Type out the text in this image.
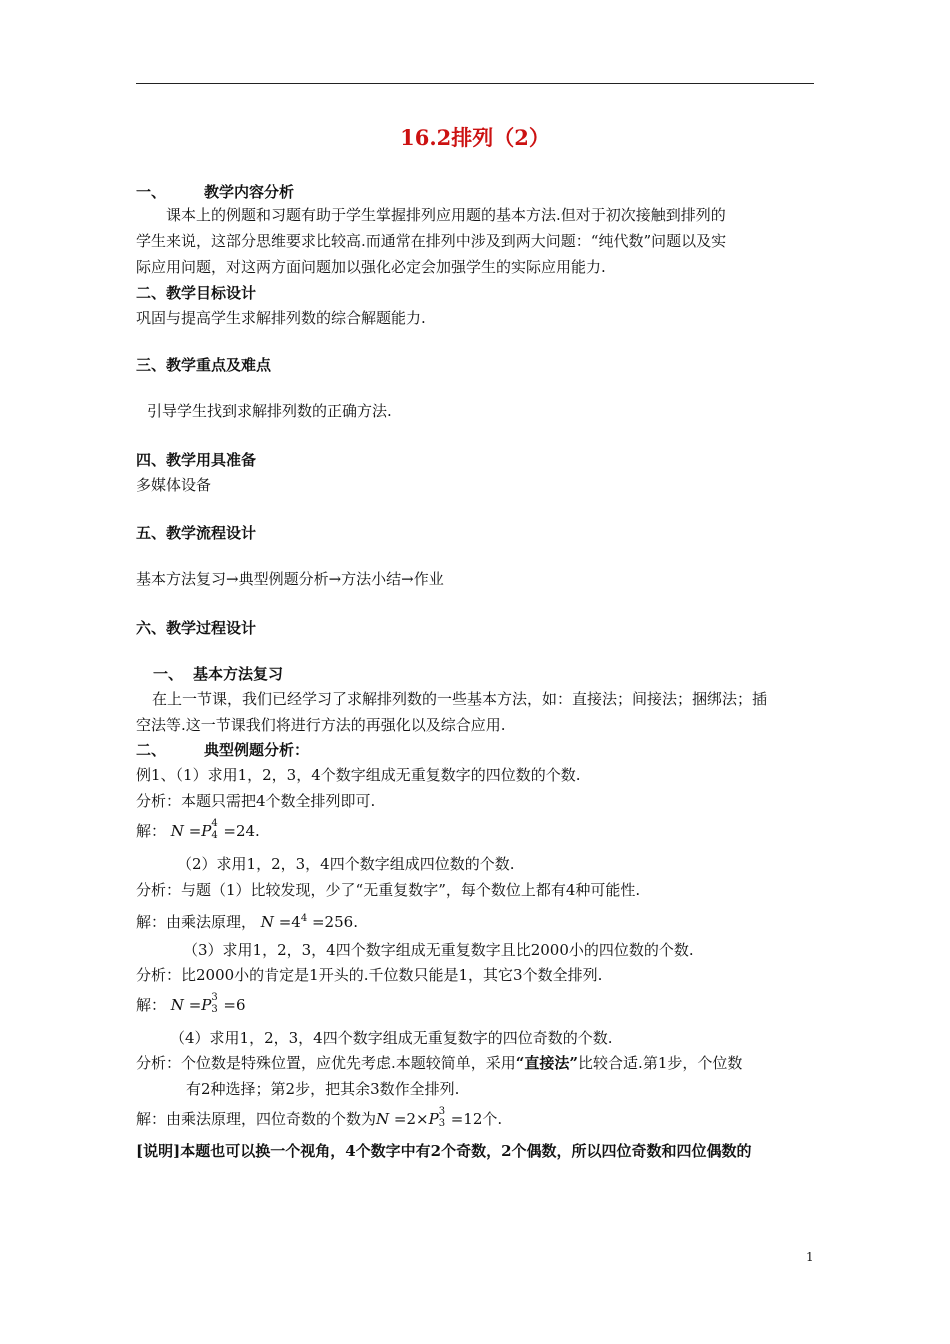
16.2排列（2）
一、	教学内容分析
课本上的例题和习题有助于学生掌握排列应用题的基本方法.但对于初次接触到排列的
学生来说，这部分思维要求比较高.而通常在排列中涉及到两大问题：“纯代数”问题以及实
际应用问题，对这两方面问题加以强化必定会加强学生的实际应用能力.
二、教学目标设计
巩固与提高学生求解排列数的综合解题能力.
三、教学重点及难点
引导学生找到求解排列数的正确方法.
四、教学用具准备
多媒体设备
五、教学流程设计
基本方法复习→典型例题分析→方法小结→作业
六、教学过程设计
一、 基本方法复习
在上一节课，我们已经学习了求解排列数的一些基本方法，如：直接法；间接法；捆绑法；插
空法等.这一节课我们将进行方法的再强化以及综合应用.
二、	典型例题分析：
例1、（1）求用1，2，3，4个数字组成无重复数字的四位数的个数.
分析：本题只需把4个数全排列即可.
解： N =P 4
4 =24.
（2）求用1，2，3，4四个数字组成四位数的个数.
分析：与题（1）比较发现，少了“无重复数字”，每个数位上都有4种可能性.
解：由乘法原理， $N =4^4 =256$.
（3）求用1，2，3，4四个数字组成无重复数字且比2000小的四位数的个数.
分析：比2000小的肯定是1开头的.千位数只能是1，其它3个数全排列.
解： N =P 3
3 =6
（4）求用1，2，3，4四个数字组成无重复数字的四位奇数的个数.
分析：个位数是特殊位置，应优先考虑.本题较简单，采用“直接法”比较合适.第1步，个位数
有2种选择；第2步，把其余3数作全排列.
解：由乘法原理，四位奇数的个数为N =2×P 3
3 =12个.
[说明]本题也可以换一个视角，4个数字中有2个奇数，2个偶数，所以四位奇数和四位偶数的
1
